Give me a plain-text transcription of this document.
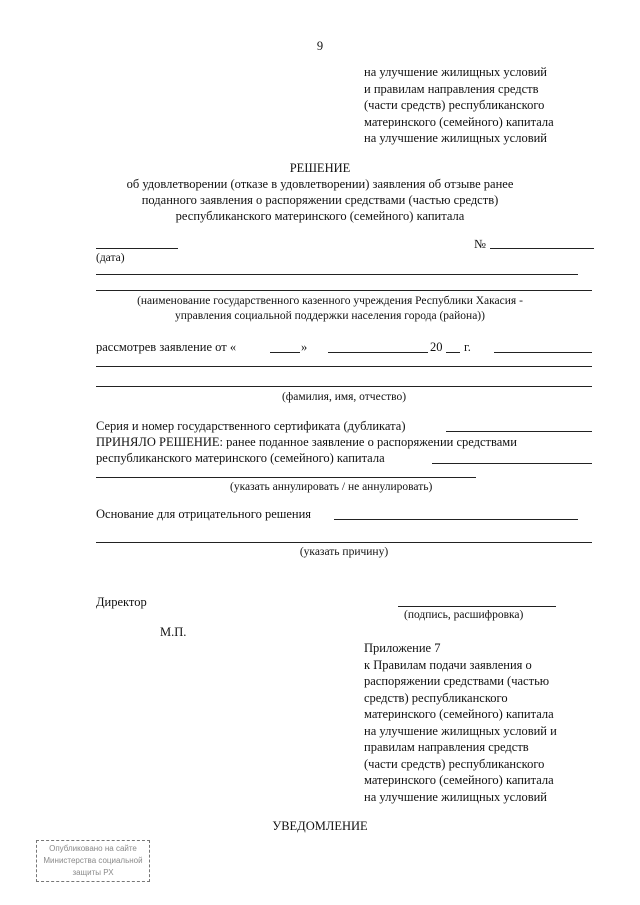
9
на улучшение жилищных условий
и правилам направления средств
(части средств) республиканского
материнского (семейного) капитала
на улучшение жилищных условий
РЕШЕНИЕ
об удовлетворении (отказе в удовлетворении) заявления об отзыве ранее
поданного заявления о распоряжении средствами (частью средств)
республиканского материнского (семейного) капитала
№
(дата)
(наименование государственного казенного учреждения Республики Хакасия -
управления социальной поддержки населения города (района))
рассмотрев заявление от «	»	20 г.
(фамилия, имя, отчество)
Серия и номер государственного сертификата (дубликата)
ПРИНЯЛО РЕШЕНИЕ: ранее поданное заявление о распоряжении средствами
республиканского материнского (семейного) капитала
(указать аннулировать / не аннулировать)
Основание для отрицательного решения
(указать причину)
Директор
(подпись, расшифровка)
М.П.
Приложение 7
к Правилам подачи заявления о
распоряжении средствами (частью
средств) республиканского
материнского (семейного) капитала
на улучшение жилищных условий и
правилам направления средств
(части средств) республиканского
материнского (семейного) капитала
на улучшение жилищных условий
УВЕДОМЛЕНИЕ
Опубликовано на сайте
Министерства социальной
защиты РХ
